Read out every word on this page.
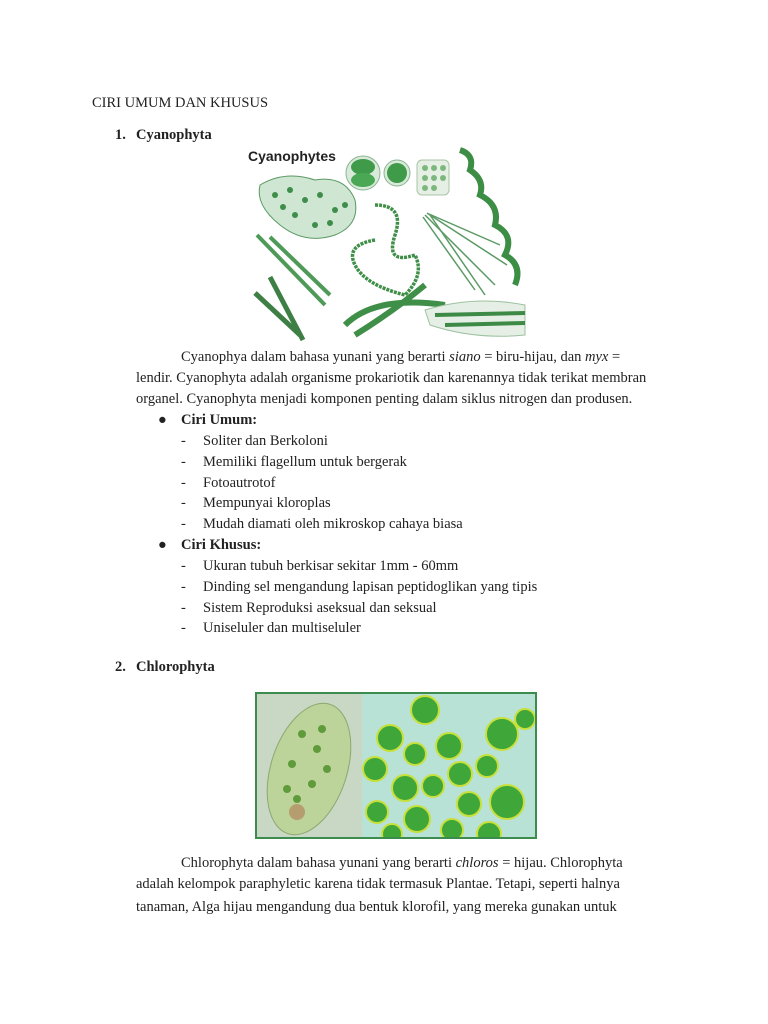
CIRI UMUM DAN KHUSUS
1. Cyanophyta
Cyanophytes
Cyanophya dalam bahasa yunani yang berarti siano = biru-hijau, dan myx =
lendir. Cyanophyta adalah organisme prokariotik dan karenannya tidak terikat membran
organel. Cyanophyta menjadi komponen penting dalam siklus nitrogen dan produsen.
● Ciri Umum:
- Soliter dan Berkoloni
- Memiliki flagellum untuk bergerak
- Fotoautrotof
- Mempunyai kloroplas
- Mudah diamati oleh mikroskop cahaya biasa
● Ciri Khusus:
- Ukuran tubuh berkisar sekitar 1mm - 60mm
- Dinding sel mengandung lapisan peptidoglikan yang tipis
- Sistem Reproduksi aseksual dan seksual
- Uniseluler dan multiseluler
2. Chlorophyta
Chlorophyta dalam bahasa yunani yang berarti chloros = hijau. Chlorophyta
adalah kelompok paraphyletic karena tidak termasuk Plantae. Tetapi, seperti halnya
tanaman, Alga hijau mengandung dua bentuk klorofil, yang mereka gunakan untuk
